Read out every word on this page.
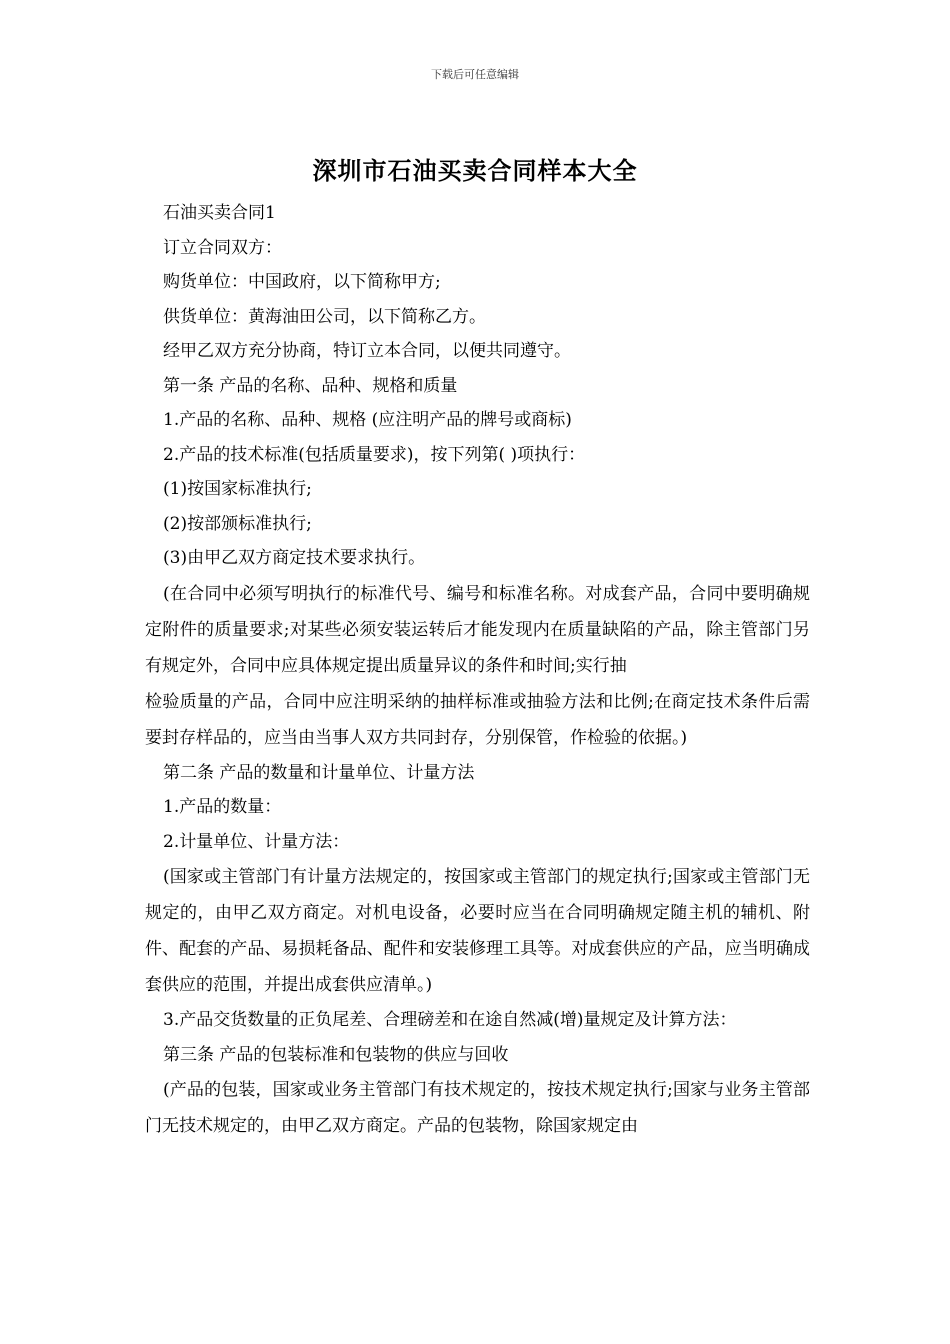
下载后可任意编辑
深圳市石油买卖合同样本大全

石油买卖合同1

订立合同双方：

购货单位：中国政府，以下简称甲方;

供货单位：黄海油田公司，以下简称乙方。

经甲乙双方充分协商，特订立本合同，以便共同遵守。

第一条 产品的名称、品种、规格和质量

1.产品的名称、品种、规格 (应注明产品的牌号或商标)

2.产品的技术标准(包括质量要求)，按下列第( )项执行：

(1)按国家标准执行;

(2)按部颁标准执行;

(3)由甲乙双方商定技术要求执行。

(在合同中必须写明执行的标准代号、编号和标准名称。对成套产品，合同中要明确规定附件的质量要求;对某些必须安装运转后才能发现内在质量缺陷的产品，除主管部门另有规定外，合同中应具体规定提出质量异议的条件和时间;实行抽

检验质量的产品，合同中应注明采纳的抽样标准或抽验方法和比例;在商定技术条件后需要封存样品的，应当由当事人双方共同封存，分别保管，作检验的依据。)

第二条 产品的数量和计量单位、计量方法

1.产品的数量：

2.计量单位、计量方法：

(国家或主管部门有计量方法规定的，按国家或主管部门的规定执行;国家或主管部门无规定的，由甲乙双方商定。对机电设备，必要时应当在合同明确规定随主机的辅机、附件、配套的产品、易损耗备品、配件和安装修理工具等。对成套供应的产品，应当明确成套供应的范围，并提出成套供应清单。)

3.产品交货数量的正负尾差、合理磅差和在途自然减(增)量规定及计算方法：

第三条 产品的包装标准和包装物的供应与回收

(产品的包装，国家或业务主管部门有技术规定的，按技术规定执行;国家与业务主管部门无技术规定的，由甲乙双方商定。产品的包装物，除国家规定由
